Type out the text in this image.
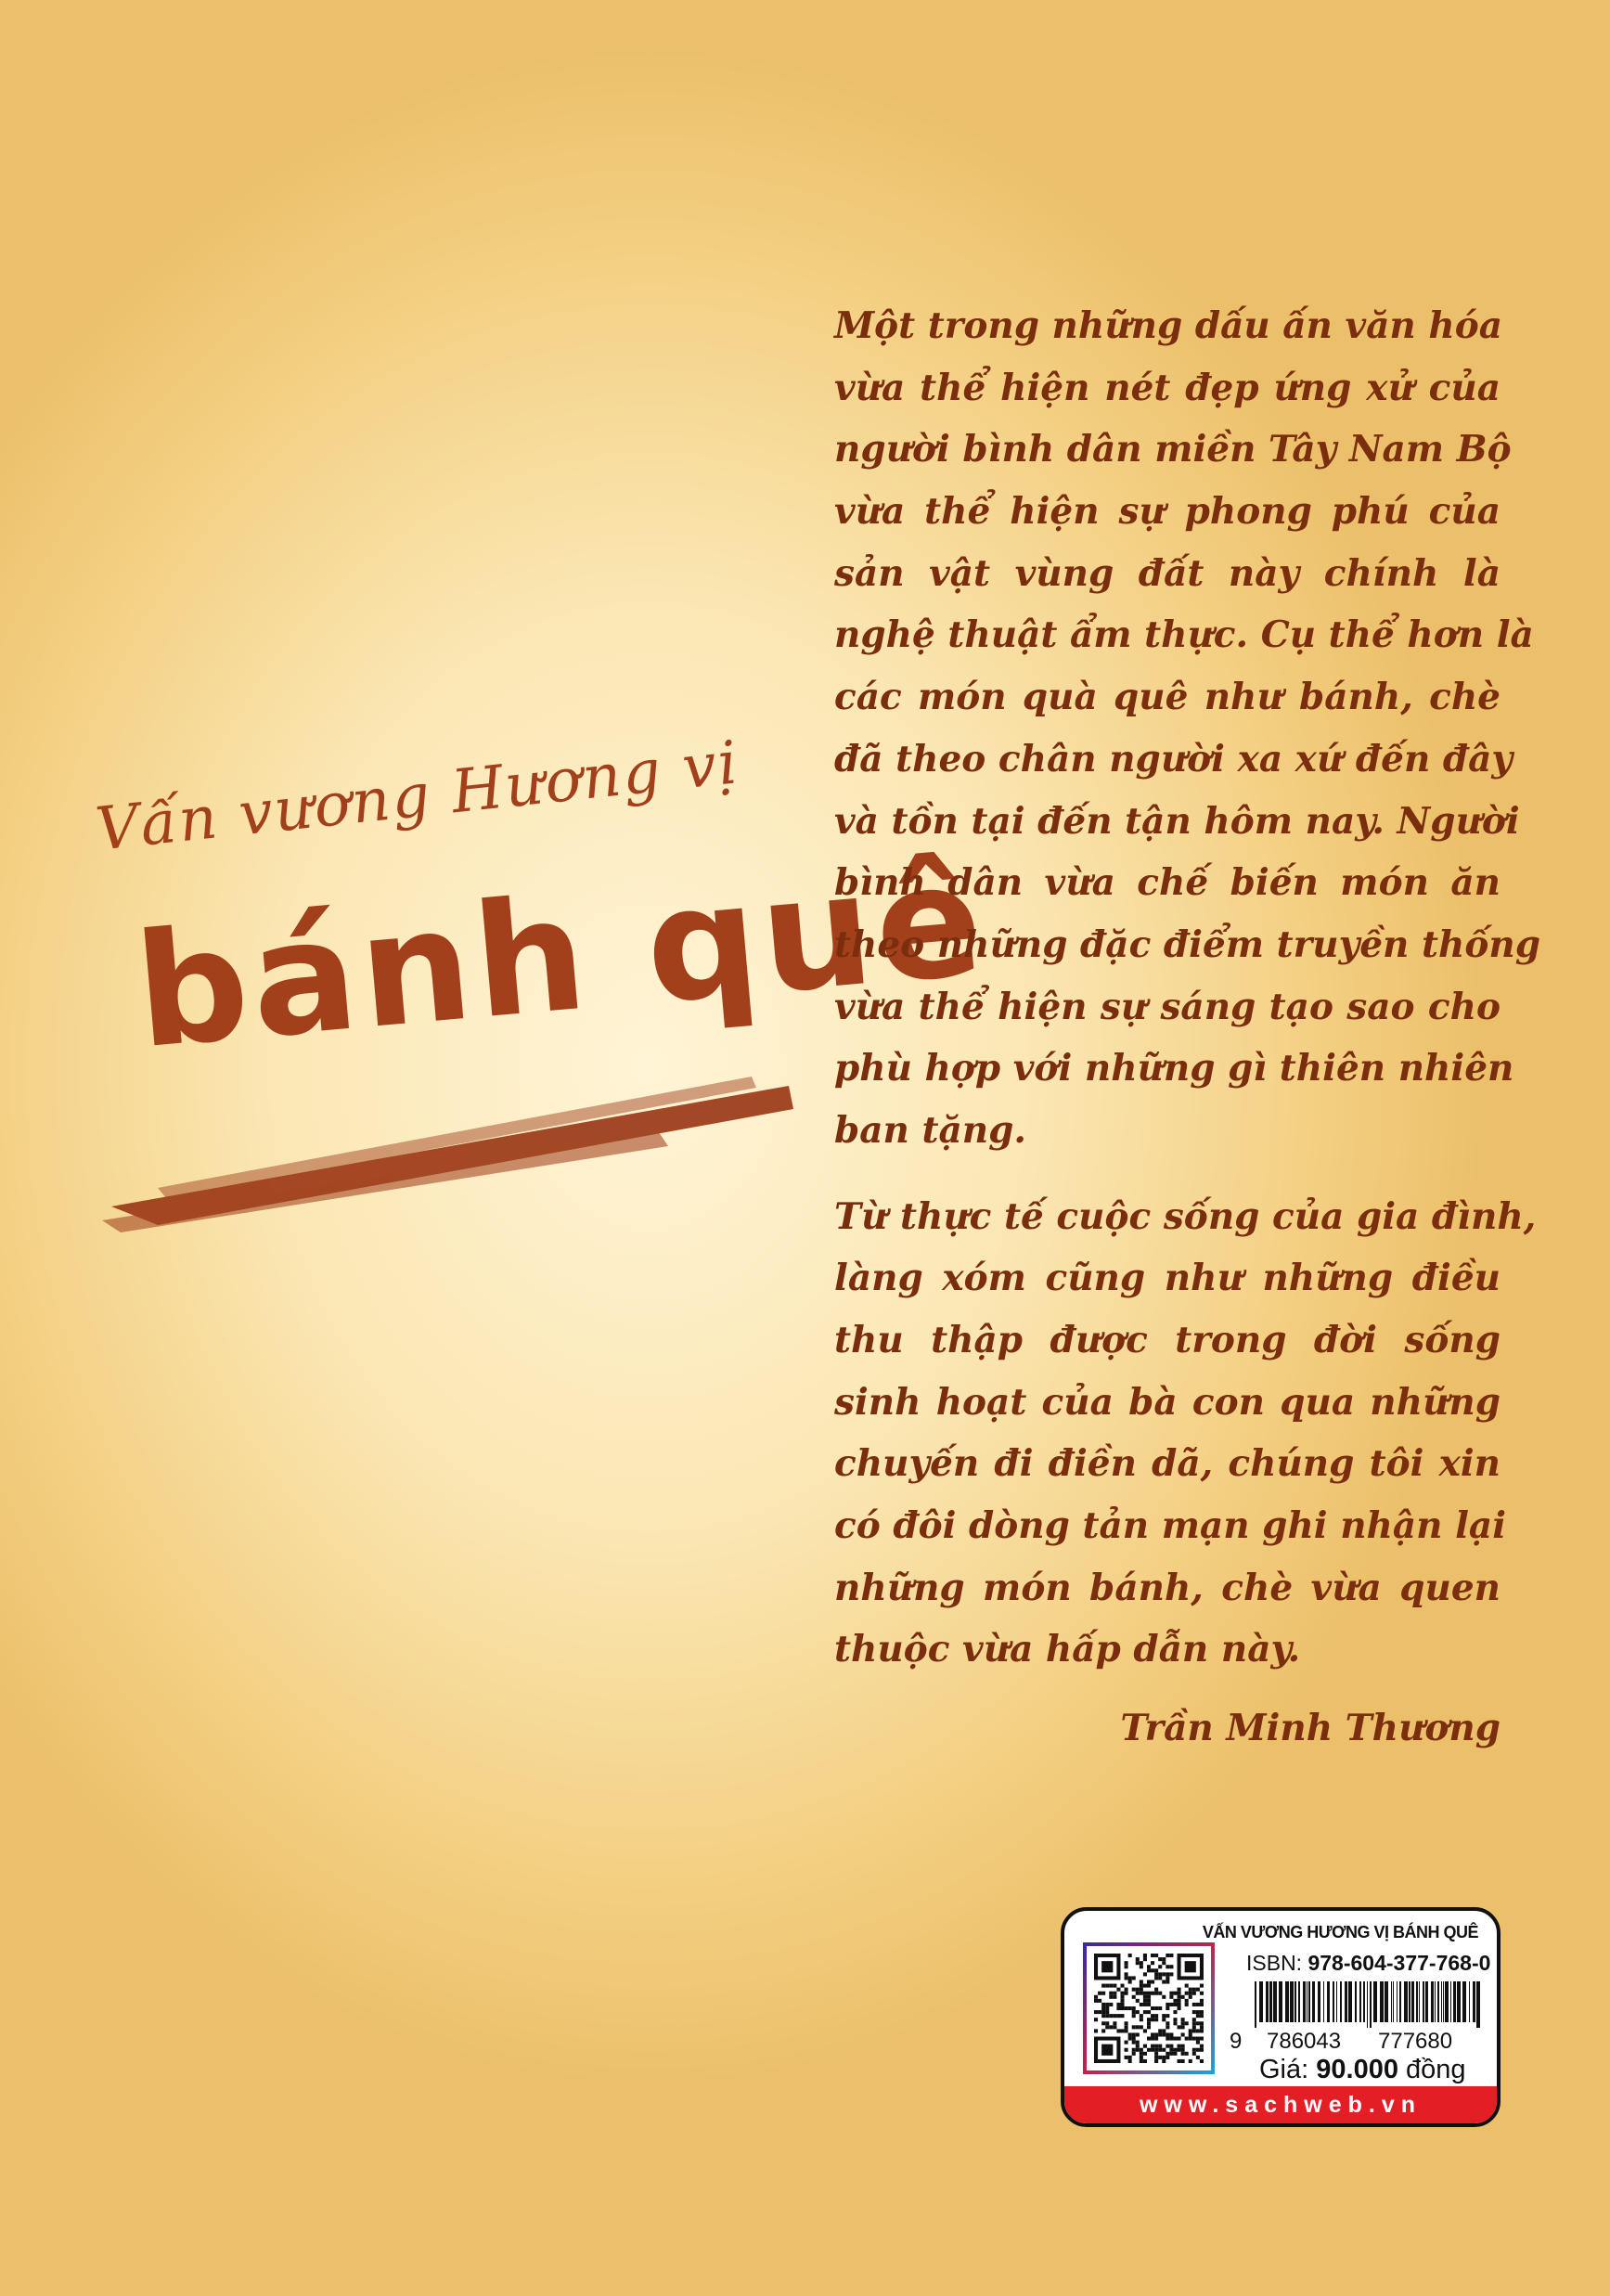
Vấn vương Hương vị
bánh quê
Một trong những dấu ấn văn hóa
vừa thể hiện nét đẹp ứng xử của
người bình dân miền Tây Nam Bộ
vừa thể hiện sự phong phú của
sản vật vùng đất này chính là
nghệ thuật ẩm thực. Cụ thể hơn là
các món quà quê như bánh, chè
đã theo chân người xa xứ đến đây
và tồn tại đến tận hôm nay. Người
bình dân vừa chế biến món ăn
theo những đặc điểm truyền thống
vừa thể hiện sự sáng tạo sao cho
phù hợp với những gì thiên nhiên
ban tặng.
Từ thực tế cuộc sống của gia đình,
làng xóm cũng như những điều
thu thập được trong đời sống
sinh hoạt của bà con qua những
chuyến đi điền dã, chúng tôi xin
có đôi dòng tản mạn ghi nhận lại
những món bánh, chè vừa quen
thuộc vừa hấp dẫn này.
Trần Minh Thương
VẤN VƯƠNG HƯƠNG VỊ BÁNH QUÊ
ISBN: 978-604-377-768-0
9 786043 777680
Giá: 90.000 đồng
www.sachweb.vn
